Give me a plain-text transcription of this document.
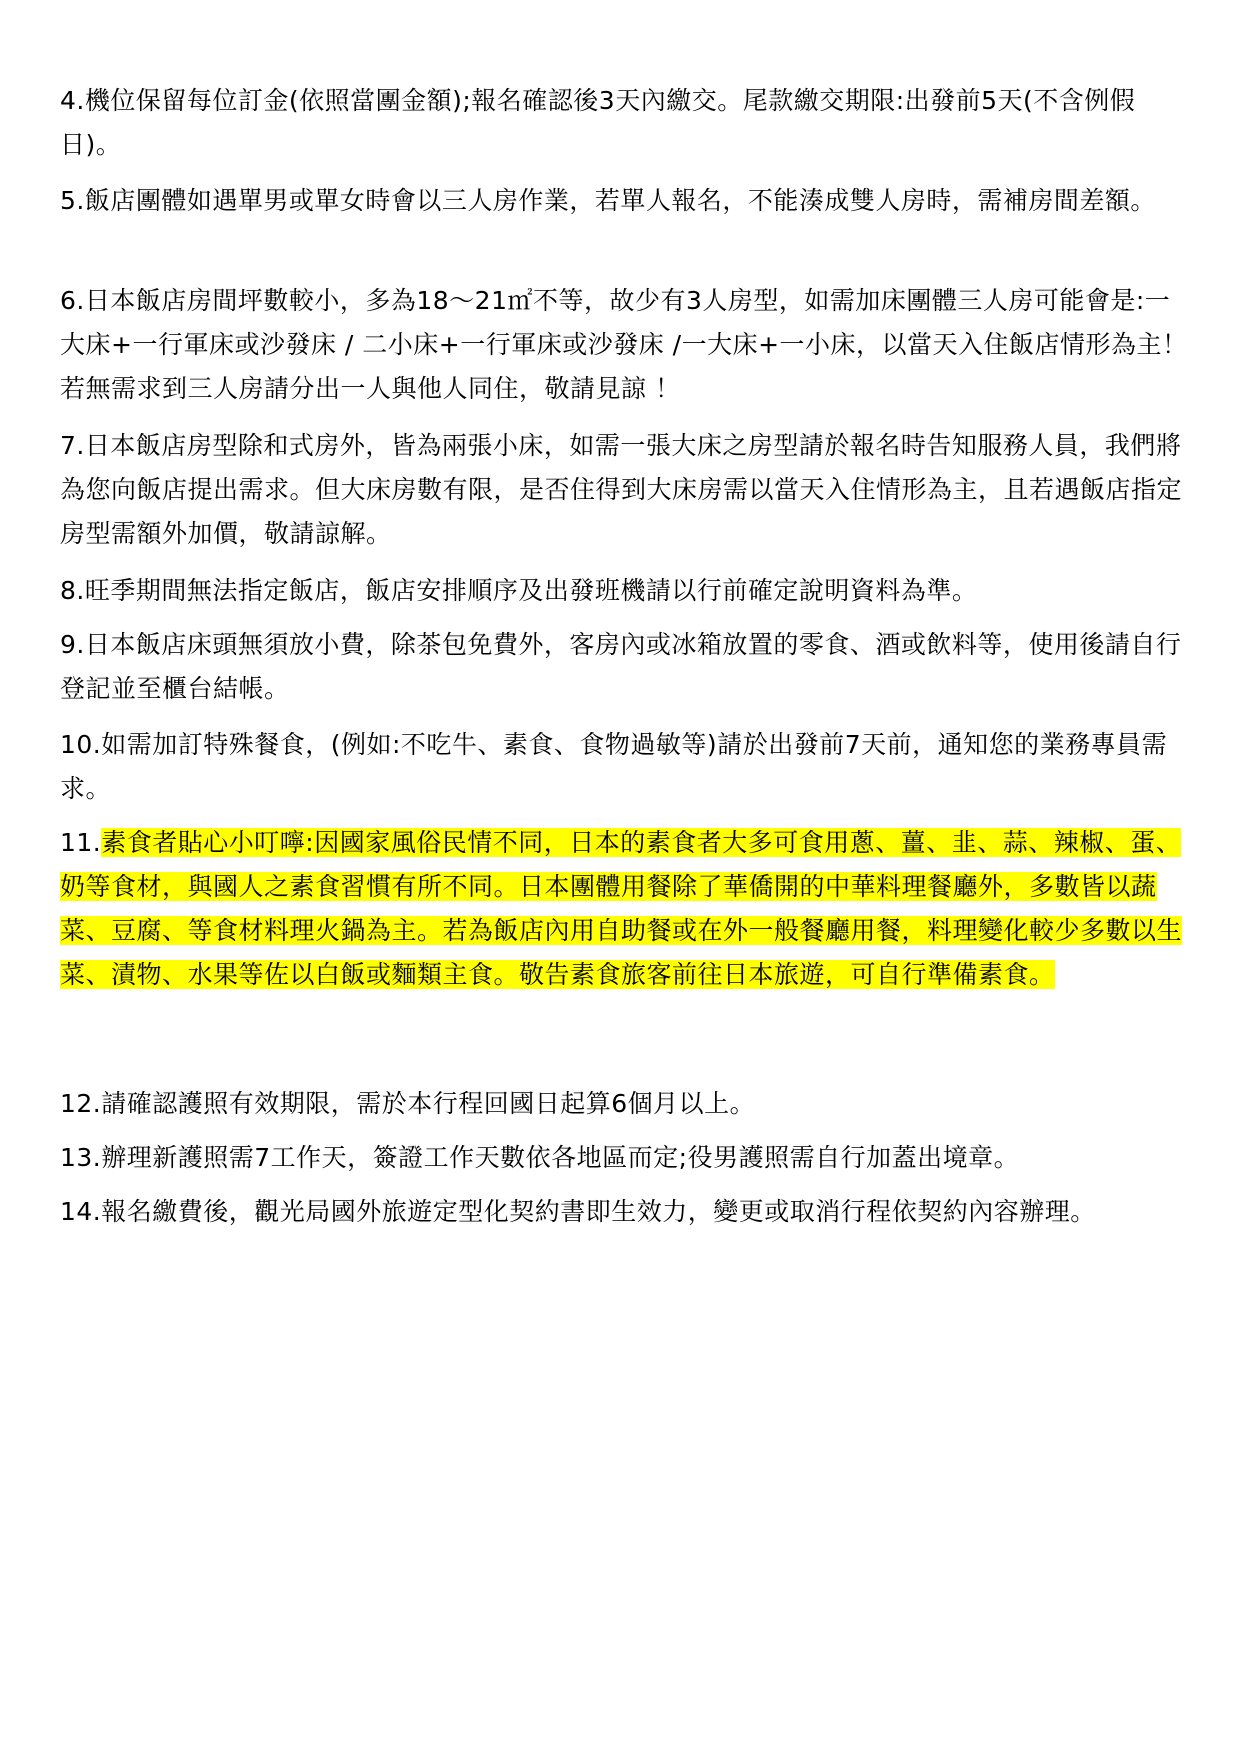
4.機位保留每位訂金(依照當團金額);報名確認後3天內繳交。尾款繳交期限:出發前5天(不含例假日)。

5.飯店團體如遇單男或單女時會以三人房作業，若單人報名，不能湊成雙人房時，需補房間差額。

6.日本飯店房間坪數較小，多為18～21㎡不等，故少有3人房型，如需加床團體三人房可能會是:一大床+一行軍床或沙發床 / 二小床+一行軍床或沙發床 /一大床+一小床，以當天入住飯店情形為主！若無需求到三人房請分出一人與他人同住，敬請見諒 ！

7.日本飯店房型除和式房外，皆為兩張小床，如需一張大床之房型請於報名時告知服務人員，我們將為您向飯店提出需求。但大床房數有限，是否住得到大床房需以當天入住情形為主，且若遇飯店指定房型需額外加價，敬請諒解。

8.旺季期間無法指定飯店，飯店安排順序及出發班機請以行前確定說明資料為準。

9.日本飯店床頭無須放小費，除茶包免費外，客房內或冰箱放置的零食、酒或飲料等，使用後請自行登記並至櫃台結帳。

10.如需加訂特殊餐食，(例如:不吃牛、素食、食物過敏等)請於出發前7天前，通知您的業務專員需求。

11.素食者貼心小叮嚀:因國家風俗民情不同，日本的素食者大多可食用蔥、薑、韭、蒜、辣椒、蛋、奶等食材，與國人之素食習慣有所不同。日本團體用餐除了華僑開的中華料理餐廳外，多數皆以蔬菜、豆腐、等食材料理火鍋為主。若為飯店內用自助餐或在外一般餐廳用餐，料理變化較少多數以生菜、漬物、水果等佐以白飯或麵類主食。敬告素食旅客前往日本旅遊，可自行準備素食。

12.請確認護照有效期限，需於本行程回國日起算6個月以上。

13.辦理新護照需7工作天，簽證工作天數依各地區而定;役男護照需自行加蓋出境章。

14.報名繳費後，觀光局國外旅遊定型化契約書即生效力，變更或取消行程依契約內容辦理。
